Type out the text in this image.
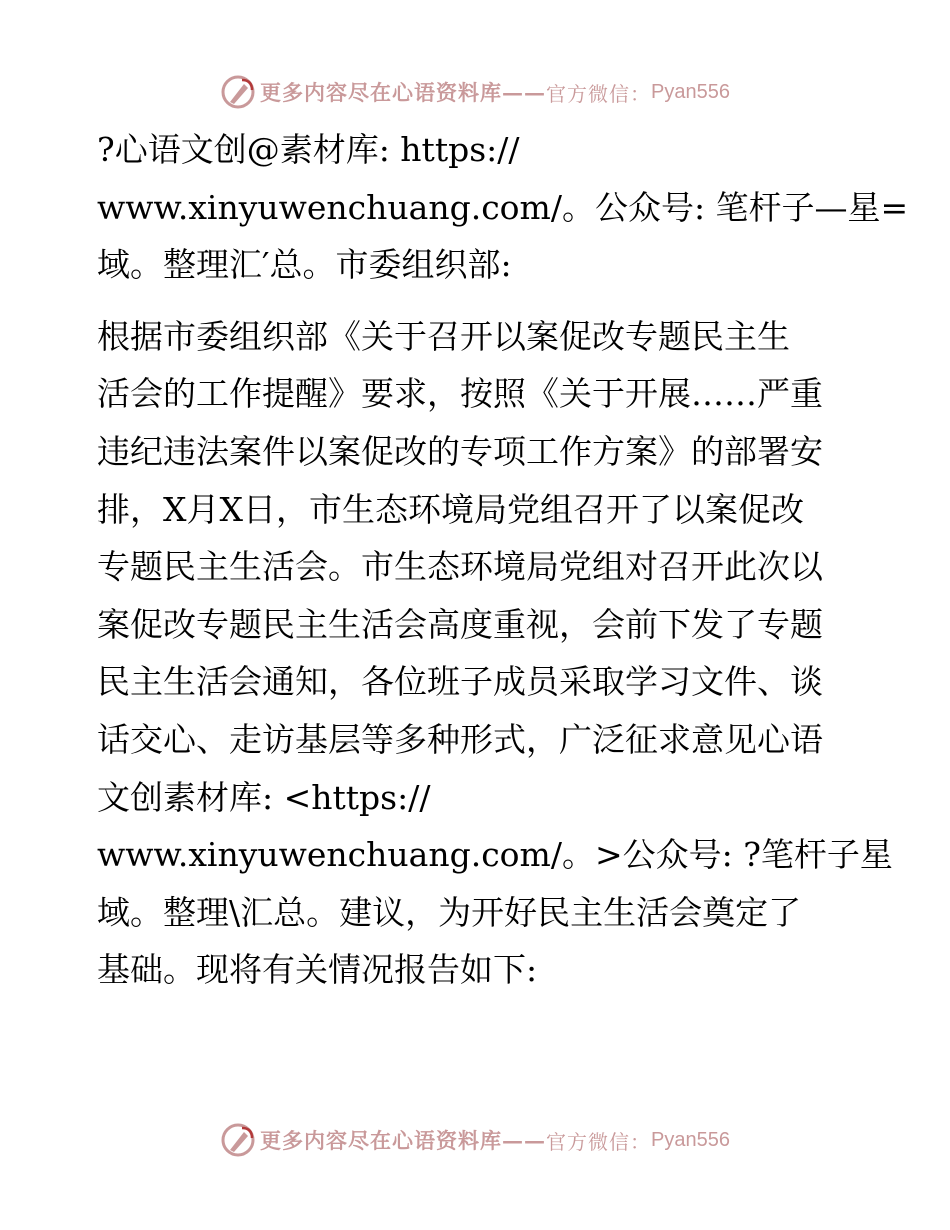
更多内容尽在心语资料库 —— 官方微信： Pyan556

?心语文创@素材库: https://
www.xinyuwenchuang.com/。公众号: 笔杆子—星=
域。整理汇′总。市委组织部:

根据市委组织部《关于召开以案促改专题民主生
活会的工作提醒》要求，按照《关于开展……严重
违纪违法案件以案促改的专项工作方案》的部署安
排，X月X日，市生态环境局党组召开了以案促改
专题民主生活会。市生态环境局党组对召开此次以
案促改专题民主生活会高度重视，会前下发了专题
民主生活会通知，各位班子成员采取学习文件、谈
话交心、走访基层等多种形式，广泛征求意见心语
文创素材库: <https://
www.xinyuwenchuang.com/。>公众号: ?笔杆子星
域。整理\汇总。建议，为开好民主生活会奠定了
基础。现将有关情况报告如下:

更多内容尽在心语资料库 —— 官方微信： Pyan556
